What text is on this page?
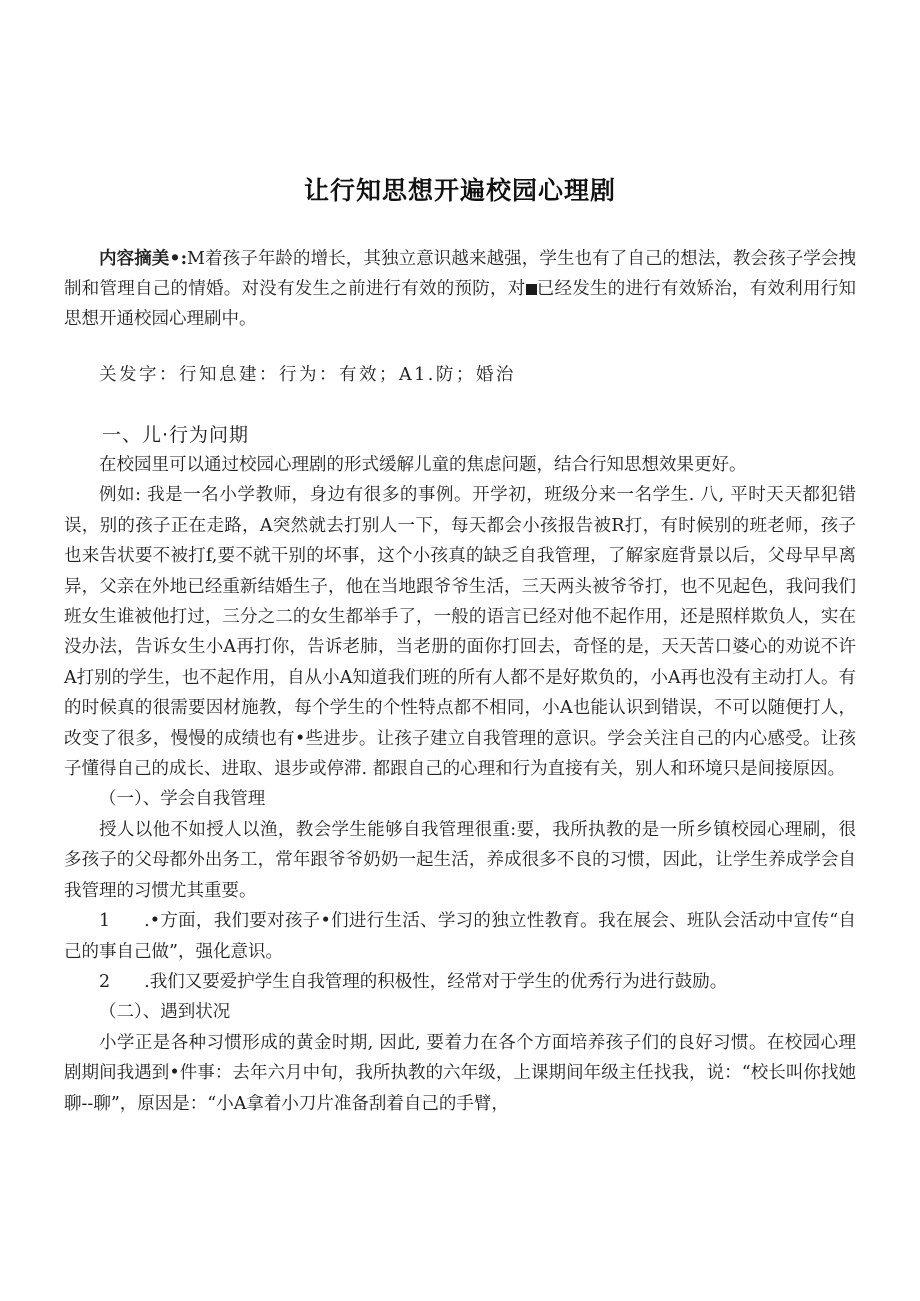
让行知思想开遍校园心理剧

内容摘美•:M着孩子年龄的增长，其独立意识越来越强，学生也有了自己的想法，教会孩子学会拽制和管理自己的情婚。对没有发生之前进行有效的预防，对 已经发生的进行有效矫治，有效利用行知思想开通校园心理刷中。

关发字：行知息建：行为：有效；A1.防；婚治

一、儿·行为问期

在校园里可以通过校园心理剧的形式缓解儿童的焦虑问题，结合行知思想效果更好。

例如: 我是一名小学教师，身边有很多的事例。开学初，班级分来一名学生. 八, 平时天天都犯错误，别的孩子正在走路，A突然就去打别人一下，每天都会小孩报告被R打，有时候别的班老师，孩子也来告状要不被打f,要不就干别的坏事，这个小孩真的缺乏自我管理，了解家庭背景以后，父母早早离异，父亲在外地已经重新结婚生子，他在当地跟爷爷生活，三天两头被爷爷打，也不见起色，我问我们班女生谁被他打过，三分之二的女生都举手了，一般的语言已经对他不起作用，还是照样欺负人，实在没办法，告诉女生小A再打你，告诉老肺，当老册的面你打回去，奇怪的是，天天苦口婆心的劝说不许A打别的学生，也不起作用，自从小A知道我们班的所有人都不是好欺负的，小A再也没有主动打人。有的时候真的很需要因材施教，每个学生的个性特点都不相同，小A也能认识到错误，不可以随便打人，改变了很多，慢慢的成绩也有•些进步。让孩子建立自我管理的意识。学会关注自己的内心感受。让孩子懂得自己的成长、进取、退步或停滞. 都跟自己的心理和行为直接有关，别人和环境只是间接原因。

（一）、学会自我管理

授人以他不如授人以渔，教会学生能够自我管理很重:要，我所执教的是一所乡镇校园心理刷，很多孩子的父母都外出务工，常年跟爷爷奶奶一起生活，养成很多不良的习惯，因此，让学生养成学会自我管理的习惯尤其重要。

1 .•方面，我们要对孩子•们进行生活、学习的独立性教育。我在展会、班队会活动中宣传“自己的事自己做”，强化意识。

2 .我们又要爱护学生自我管理的积极性，经常对于学生的优秀行为进行鼓励。

（二）、遇到状况

小学正是各种习惯形成的黄金时期, 因此, 要着力在各个方面培养孩子们的良好习惯。在校园心理剧期间我遇到•件事：去年六月中旬，我所执教的六年级，上课期间年级主任找我，说：“校长叫你找她聊--聊”，原因是：“小A拿着小刀片准备刮着自己的手臂，
